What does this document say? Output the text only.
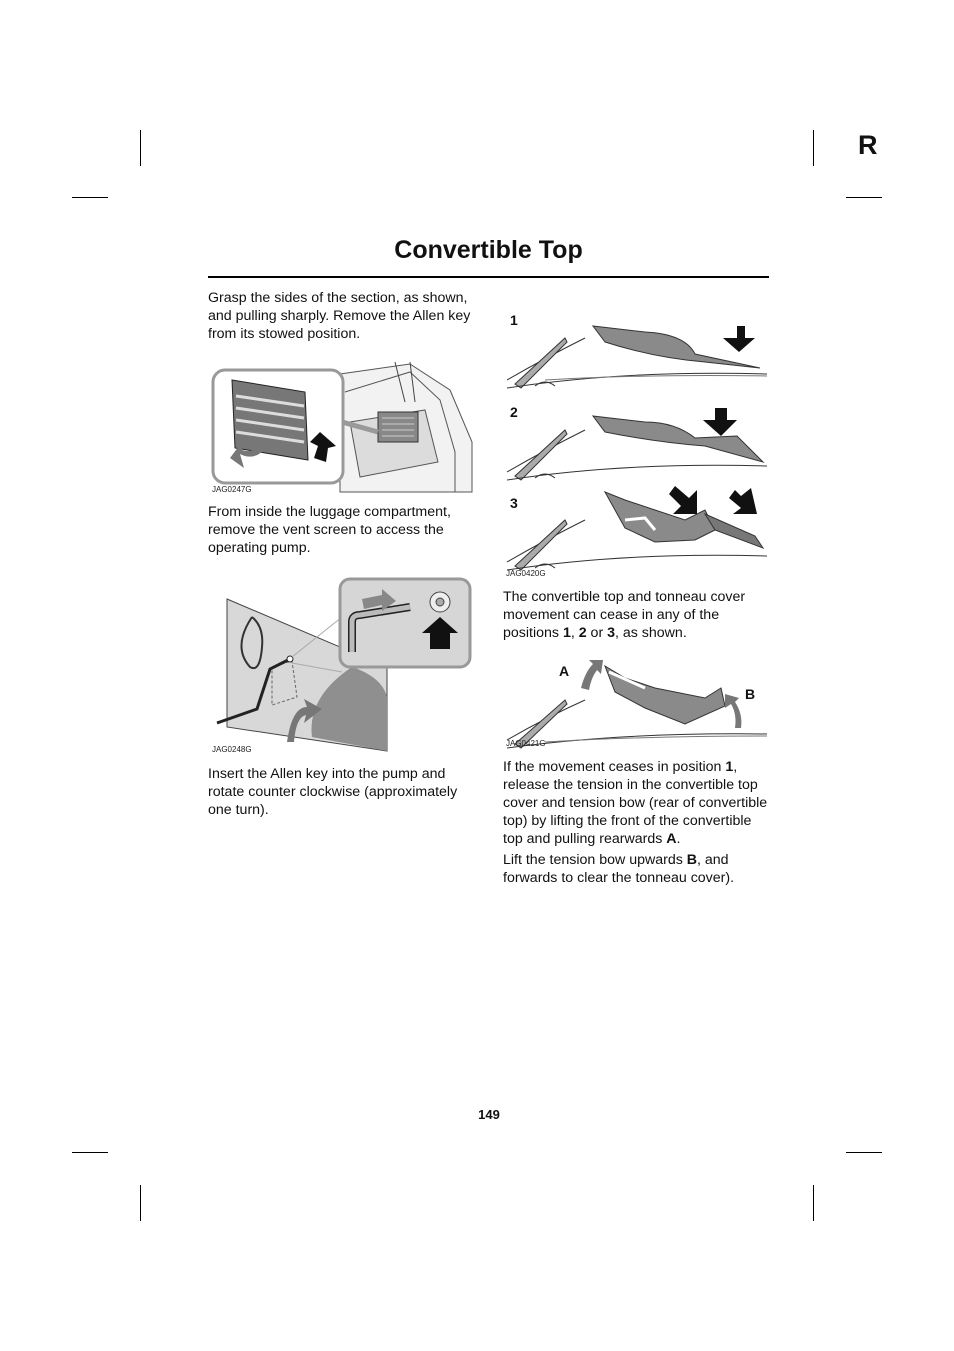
R
Convertible Top
Grasp the sides of the section, as shown, and pulling sharply. Remove the Allen key from its stowed position.
JAG0247G
From inside the luggage compartment, remove the vent screen to access the operating pump.
JAG0248G
Insert the Allen key into the pump and rotate counter clockwise (approximately one turn).
1
2
3
JAG0420G
The convertible top and tonneau cover movement can cease in any of the positions 1, 2 or 3, as shown.
A
B
JAG0421G
If the movement ceases in position 1, release the tension in the convertible top cover and tension bow (rear of convertible top) by lifting the front of the convertible top and pulling rearwards A.
Lift the tension bow upwards B, and forwards to clear the tonneau cover).
149
